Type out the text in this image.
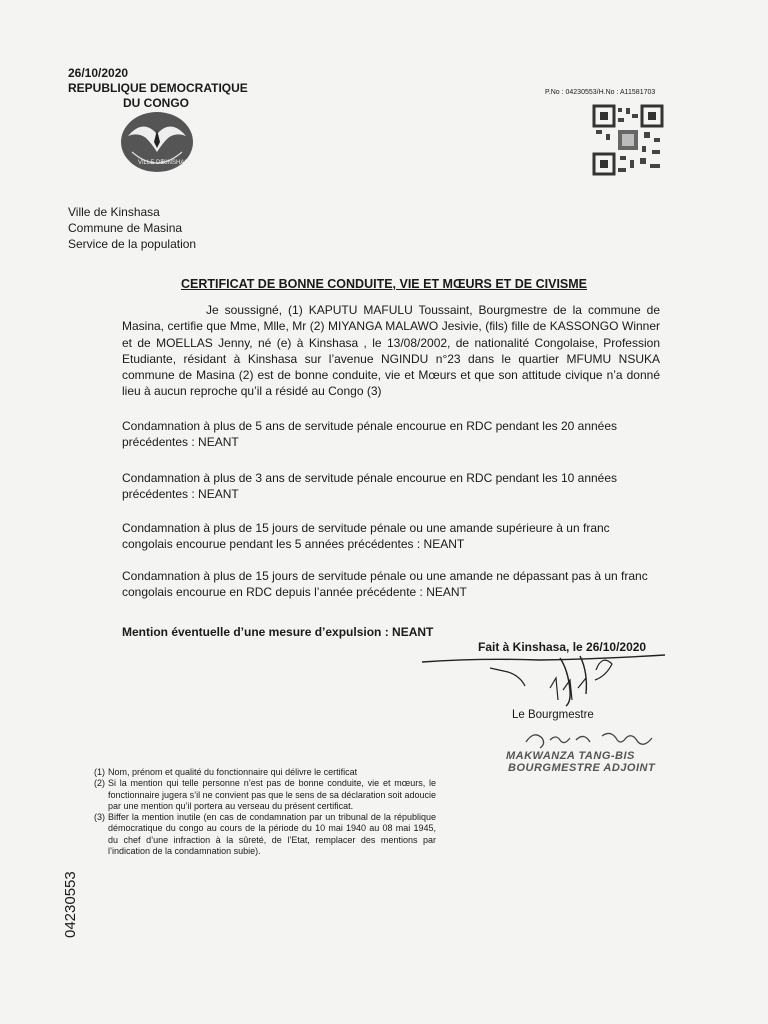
26/10/2020
REPUBLIQUE DEMOCRATIQUE
DU CONGO
VILLE DE
KINSHASA
P.No : 04230553/H.No : A11581703
Ville de Kinshasa
Commune de Masina
Service de la population
CERTIFICAT DE BONNE CONDUITE, VIE ET MŒURS ET DE CIVISME

Je soussigné, (1) KAPUTU MAFULU Toussaint, Bourgmestre de la commune de Masina, certifie que Mme, Mlle, Mr (2) MIYANGA MALAWO Jesivie, (fils) fille de KASSONGO Winner et de MOELLAS Jenny, né (e) à Kinshasa , le 13/08/2002, de nationalité Congolaise, Profession Etudiante, résidant à Kinshasa sur l’avenue NGINDU n°23 dans le quartier MFUMU NSUKA commune de Masina (2) est de bonne conduite, vie et Mœurs et que son attitude civique n’a donné lieu à aucun reproche qu’il a résidé au Congo (3)

Condamnation à plus de 5 ans de servitude pénale encourue en RDC pendant les 20 années précédentes : NEANT
Condamnation à plus de 3 ans de servitude pénale encourue en RDC pendant les 10 années précédentes : NEANT
Condamnation à plus de 15 jours de servitude pénale ou une amande supérieure à un franc congolais encourue pendant les 5 années précédentes : NEANT
Condamnation à plus de 15 jours de servitude pénale ou une amande ne dépassant pas à un franc congolais encourue en RDC depuis l’année précédente : NEANT
Mention éventuelle d’une mesure d’expulsion : NEANT
Fait à Kinshasa, le 26/10/2020
Le Bourgmestre
MAKWANZA TANG-BIS
BOURGMESTRE ADJOINT
(1) Nom, prénom et qualité du fonctionnaire qui délivre le certificat
(2) Si la mention qui telle personne n’est pas de bonne conduite, vie et mœurs, le fonctionnaire jugera s’il ne convient pas que le sens de sa déclaration soit adoucie par une mention qu’il portera au verseau du présent certificat.
(3) Biffer la mention inutile (en cas de condamnation par un tribunal de la république démocratique du congo au cours de la période du 10 mai 1940 au 08 mai 1945, du chef d’une infraction à la sûreté, de l’Etat, remplacer des mentions par l’indication de la condamnation subie).
04230553
